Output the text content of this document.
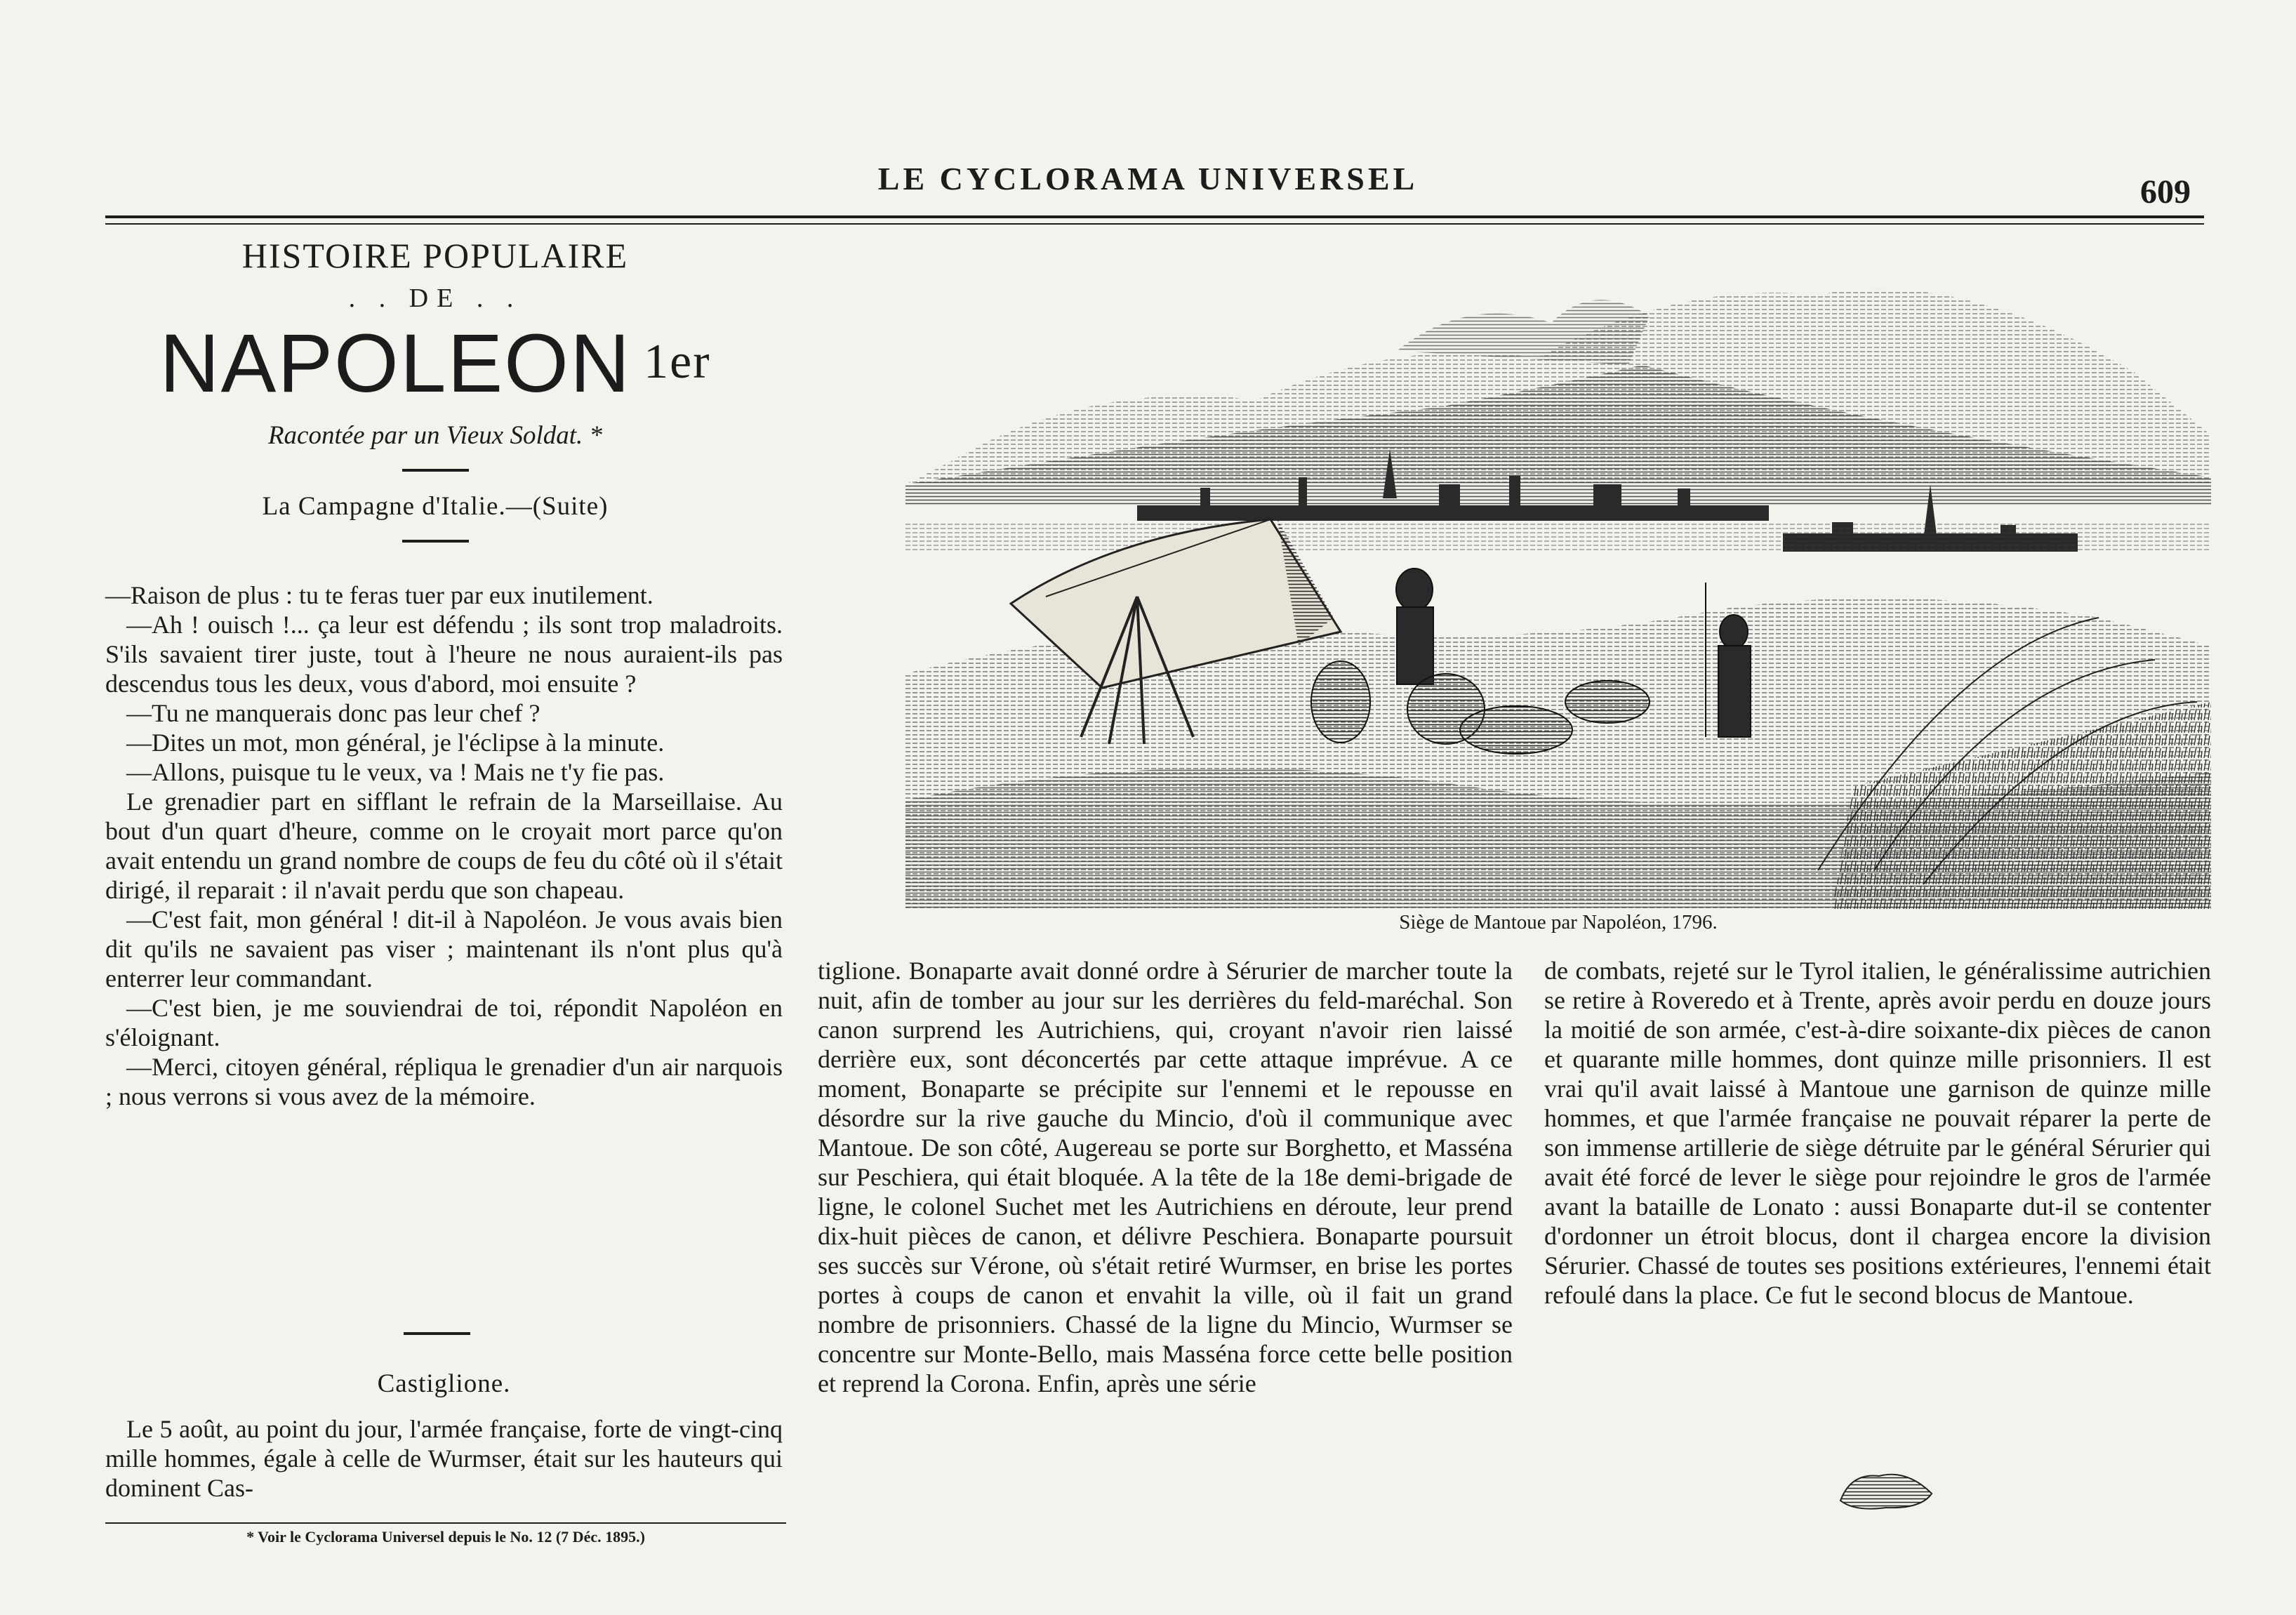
LE CYCLORAMA UNIVERSEL	609
HISTOIRE POPULAIRE
. . DE . .
NAPOLEON $^{1er}$
Racontée par un Vieux Soldat. *
La Campagne d'Italie.—(Suite)

—Raison de plus : tu te feras tuer par eux inutilement.

—Ah ! ouisch !... ça leur est défendu ; ils sont trop maladroits. S'ils savaient tirer juste, tout à l'heure ne nous auraient-ils pas descendus tous les deux, vous d'abord, moi ensuite ?

—Tu ne manquerais donc pas leur chef ?

—Dites un mot, mon général, je l'éclipse à la minute.

—Allons, puisque tu le veux, va ! Mais ne t'y fie pas.

Le grenadier part en sifflant le refrain de la Marseillaise. Au bout d'un quart d'heure, comme on le croyait mort parce qu'on avait entendu un grand nombre de coups de feu du côté où il s'était dirigé, il reparait : il n'avait perdu que son chapeau.

—C'est fait, mon général ! dit-il à Napoléon. Je vous avais bien dit qu'ils ne savaient pas viser ; maintenant ils n'ont plus qu'à enterrer leur commandant.

—C'est bien, je me souviendrai de toi, répondit Napoléon en s'éloignant.

—Merci, citoyen général, répliqua le grenadier d'un air narquois ; nous verrons si vous avez de la mémoire.

Castiglione.

Le 5 août, au point du jour, l'armée française, forte de vingt-cinq mille hommes, égale à celle de Wurmser, était sur les hauteurs qui dominent Cas-

* Voir le Cyclorama Universel depuis le No. 12 (7 Déc. 1895.)
Siège de Mantoue par Napoléon, 1796.

tiglione. Bonaparte avait donné ordre à Sérurier de marcher toute la nuit, afin de tomber au jour sur les derrières du feld-maréchal. Son canon surprend les Autrichiens, qui, croyant n'avoir rien laissé derrière eux, sont déconcertés par cette attaque imprévue. A ce moment, Bonaparte se précipite sur l'ennemi et le repousse en désordre sur la rive gauche du Mincio, d'où il communique avec Mantoue. De son côté, Augereau se porte sur Borghetto, et Masséna sur Peschiera, qui était bloquée. A la tête de la 18e demi-brigade de ligne, le colonel Suchet met les Autrichiens en déroute, leur prend dix-huit pièces de canon, et délivre Peschiera. Bonaparte poursuit ses succès sur Vérone, où s'était retiré Wurmser, en brise les portes portes à coups de canon et envahit la ville, où il fait un grand nombre de prisonniers. Chassé de la ligne du Mincio, Wurmser se concentre sur Monte-Bello, mais Masséna force cette belle position et reprend la Corona. Enfin, après une série

de combats, rejeté sur le Tyrol italien, le généralissime autrichien se retire à Roveredo et à Trente, après avoir perdu en douze jours la moitié de son armée, c'est-à-dire soixante-dix pièces de canon et quarante mille hommes, dont quinze mille prisonniers. Il est vrai qu'il avait laissé à Mantoue une garnison de quinze mille hommes, et que l'armée française ne pouvait réparer la perte de son immense artillerie de siège détruite par le général Sérurier qui avait été forcé de lever le siège pour rejoindre le gros de l'armée avant la bataille de Lonato : aussi Bonaparte dut-il se contenter d'ordonner un étroit blocus, dont il chargea encore la division Sérurier. Chassé de toutes ses positions extérieures, l'ennemi était refoulé dans la place. Ce fut le second blocus de Mantoue.
